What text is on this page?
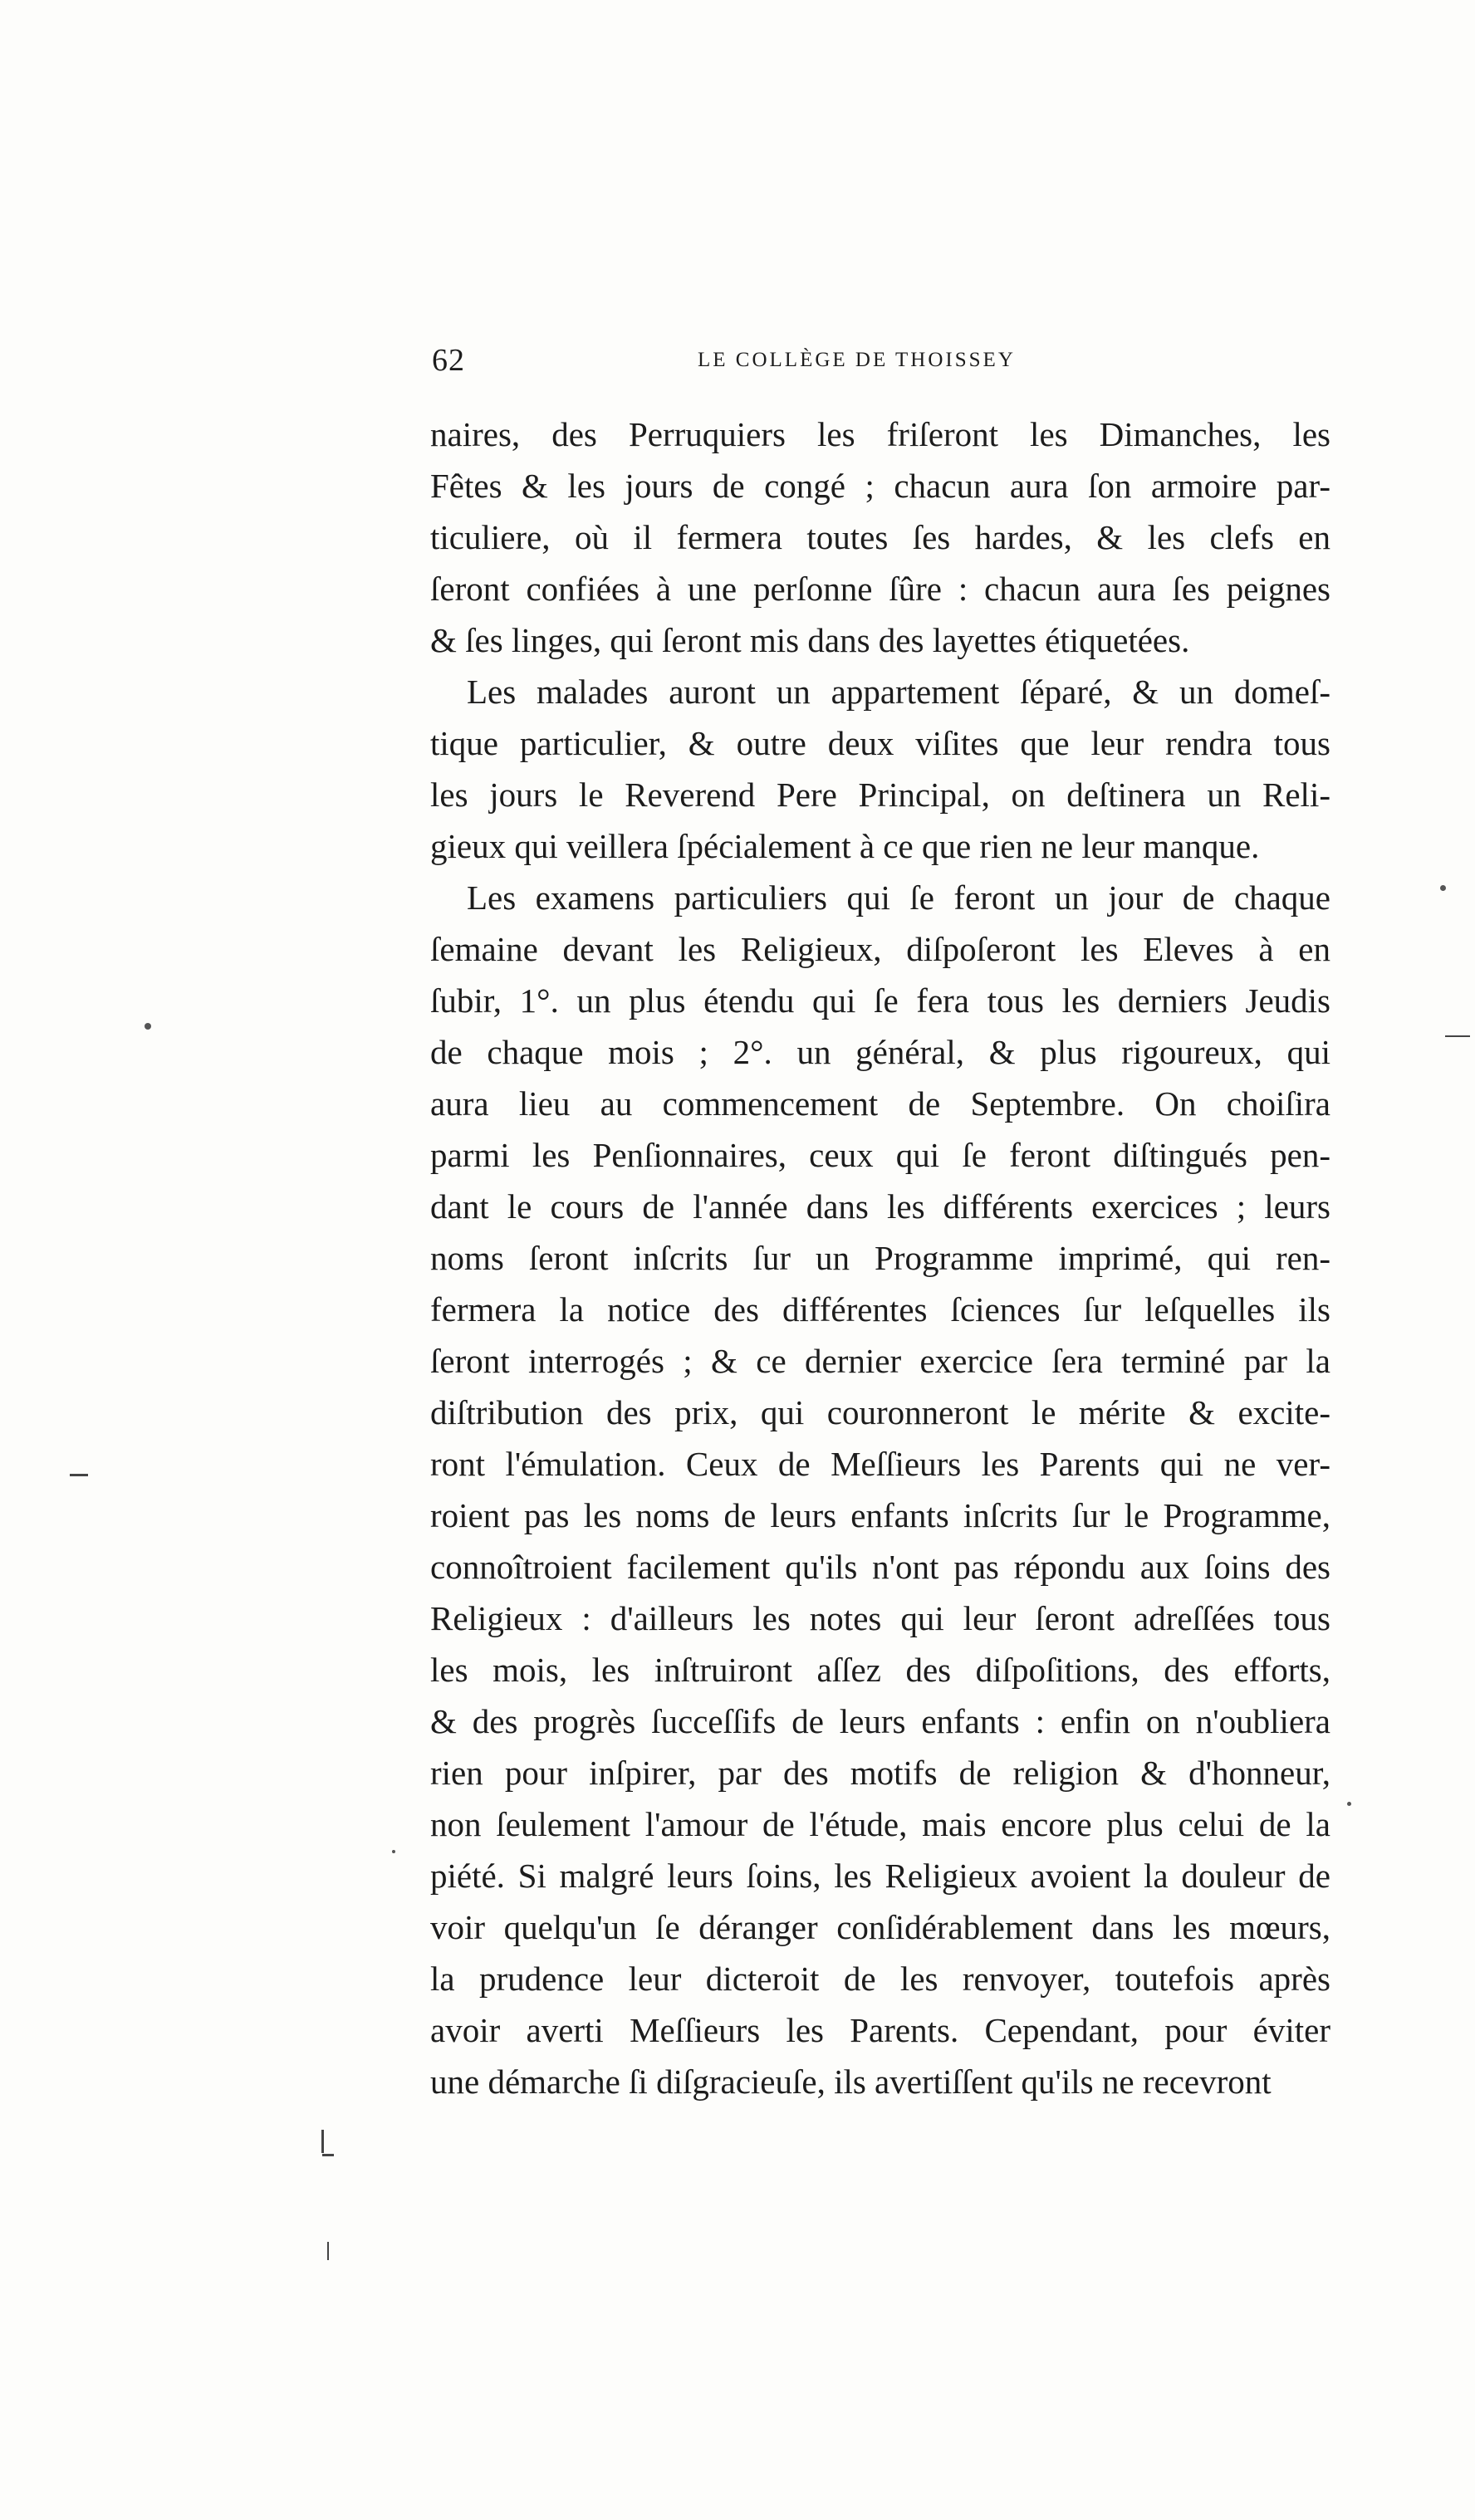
62	LE COLLÈGE DE THOISSEY
naires, des Perruquiers les friſeront les Dimanches, les
Fêtes & les jours de congé ; chacun aura ſon armoire par-
ticuliere, où il fermera toutes ſes hardes, & les clefs en
ſeront confiées à une perſonne ſûre : chacun aura ſes peignes
& ſes linges, qui ſeront mis dans des layettes étiquetées.
Les malades auront un appartement ſéparé, & un domeſ-
tique particulier, & outre deux viſites que leur rendra tous
les jours le Reverend Pere Principal, on deſtinera un Reli-
gieux qui veillera ſpécialement à ce que rien ne leur manque.
Les examens particuliers qui ſe feront un jour de chaque
ſemaine devant les Religieux, diſpoſeront les Eleves à en
ſubir, 1°. un plus étendu qui ſe fera tous les derniers Jeudis
de chaque mois ; 2°. un général, & plus rigoureux, qui
aura lieu au commencement de Septembre. On choiſira
parmi les Penſionnaires, ceux qui ſe feront diſtingués pen-
dant le cours de l'année dans les différents exercices ; leurs
noms ſeront inſcrits ſur un Programme imprimé, qui ren-
fermera la notice des différentes ſciences ſur leſquelles ils
ſeront interrogés ; & ce dernier exercice ſera terminé par la
diſtribution des prix, qui couronneront le mérite & excite-
ront l'émulation. Ceux de Meſſieurs les Parents qui ne ver-
roient pas les noms de leurs enfants inſcrits ſur le Programme,
connoîtroient facilement qu'ils n'ont pas répondu aux ſoins des
Religieux : d'ailleurs les notes qui leur ſeront adreſſées tous
les mois, les inſtruiront aſſez des diſpoſitions, des efforts,
& des progrès ſucceſſifs de leurs enfants : enfin on n'oubliera
rien pour inſpirer, par des motifs de religion & d'honneur,
non ſeulement l'amour de l'étude, mais encore plus celui de la
piété. Si malgré leurs ſoins, les Religieux avoient la douleur de
voir quelqu'un ſe déranger conſidérablement dans les mœurs,
la prudence leur dicteroit de les renvoyer, toutefois après
avoir averti Meſſieurs les Parents. Cependant, pour éviter
une démarche ſi diſgracieuſe, ils avertiſſent qu'ils ne recevront
